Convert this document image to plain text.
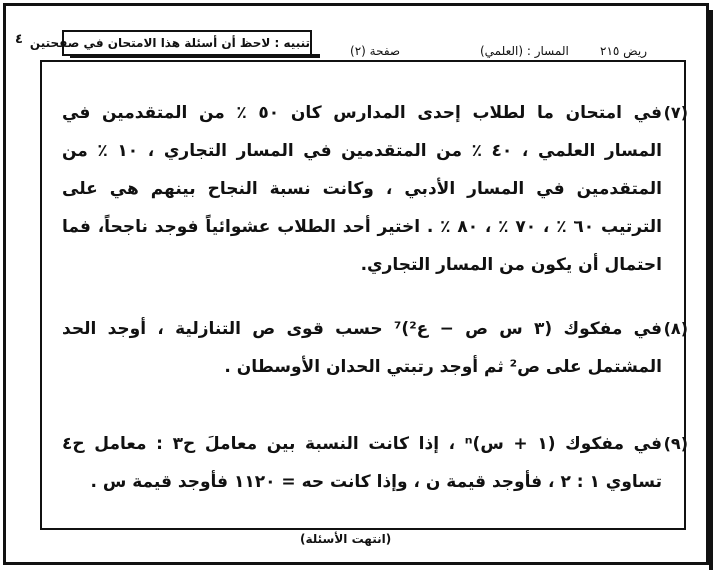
٤ تنبيه : لاحظ أن أسئلة هذا الامتحان في صفحتين
صفحة (٢)	المسار : (العلمي)	ريض ٢١٥
(٧)
في امتحان ما لطلاب إحدى المدارس كان ٥٠ ٪ من المتقدمين في المسار العلمي ، ٤٠ ٪ من المتقدمين في المسار التجاري ، ١٠ ٪ من المتقدمين في المسار الأدبي ، وكانت نسبة النجاح بينهم هي على الترتيب ٦٠ ٪ ، ٧٠ ٪ ، ٨٠ ٪ . اختير أحد الطلاب عشوائياً فوجد ناجحاً، فما احتمال أن يكون من المسار التجاري.
(٨)
في مفكوك (٣ س ص − ع²)⁷ حسب قوى ص التنازلية ، أوجد الحد المشتمل على ص² ثم أوجد رتبتي الحدان الأوسطان .
(٩)
في مفكوك (١ + س)ⁿ ، إذا كانت النسبة بين معاملَ ح٣ : معامل ح٤ تساوي ١ : ٢ ، فأوجد قيمة ن ، وإذا كانت حه = ١١٢٠ فأوجد قيمة س .
(انتهت الأسئلة)
